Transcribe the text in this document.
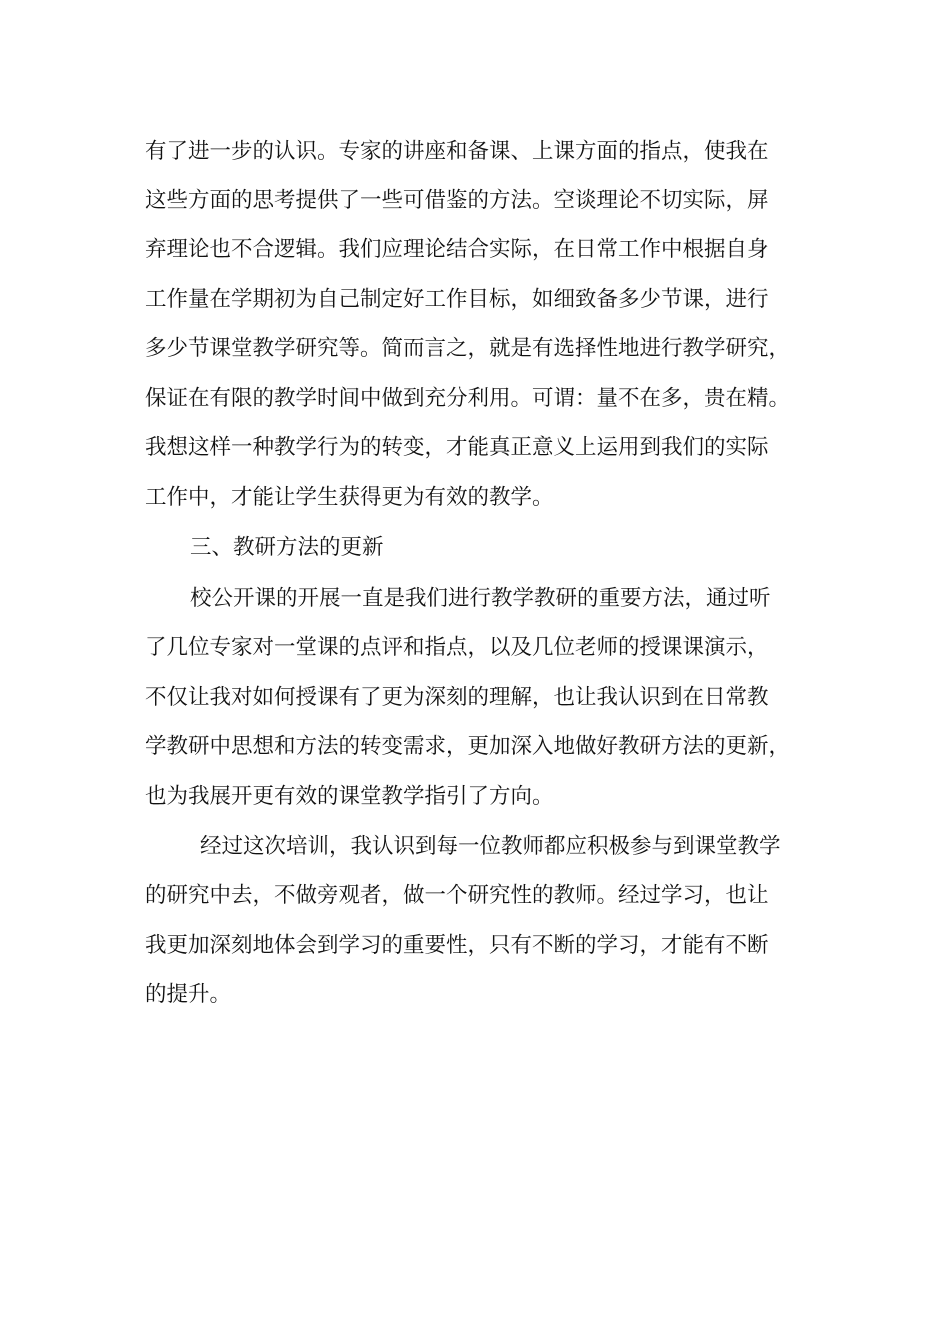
有了进一步的认识。专家的讲座和备课、上课方面的指点，使我在

这些方面的思考提供了一些可借鉴的方法。空谈理论不切实际，屏

弃理论也不合逻辑。我们应理论结合实际，在日常工作中根据自身

工作量在学期初为自己制定好工作目标，如细致备多少节课，进行

多少节课堂教学研究等。简而言之，就是有选择性地进行教学研究，

保证在有限的教学时间中做到充分利用。可谓：量不在多，贵在精。

我想这样一种教学行为的转变，才能真正意义上运用到我们的实际

工作中，才能让学生获得更为有效的教学。

三、教研方法的更新

校公开课的开展一直是我们进行教学教研的重要方法，通过听

了几位专家对一堂课的点评和指点，以及几位老师的授课课演示，

不仅让我对如何授课有了更为深刻的理解，也让我认识到在日常教

学教研中思想和方法的转变需求，更加深入地做好教研方法的更新，

也为我展开更有效的课堂教学指引了方向。

经过这次培训，我认识到每一位教师都应积极参与到课堂教学

的研究中去，不做旁观者，做一个研究性的教师。经过学习，也让

我更加深刻地体会到学习的重要性，只有不断的学习，才能有不断

的提升。
